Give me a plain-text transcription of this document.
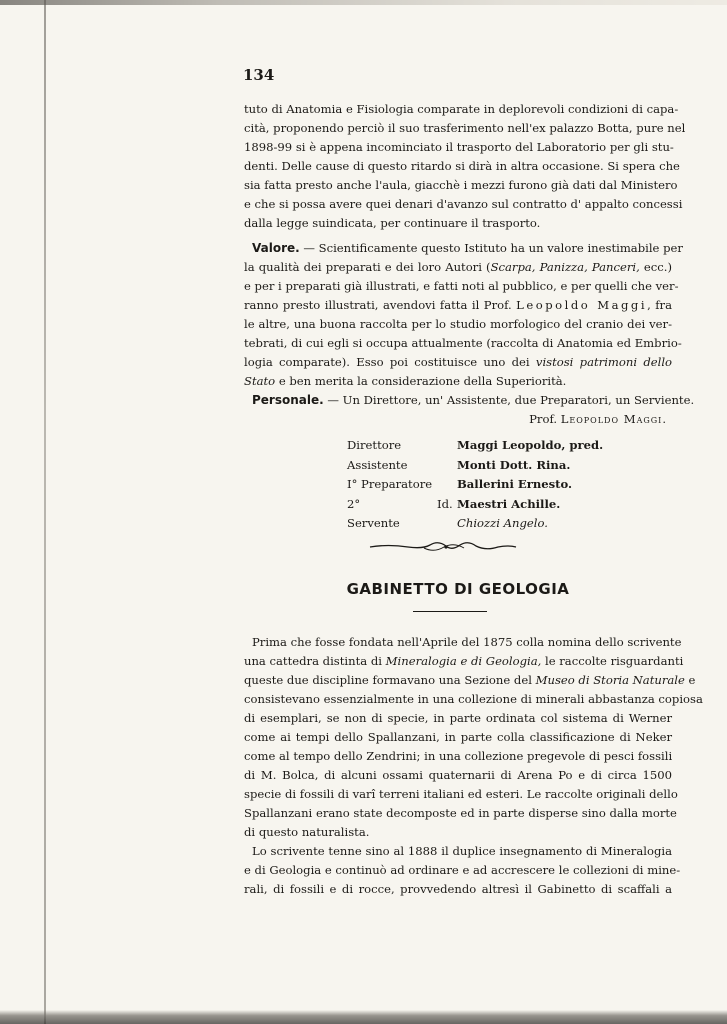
134
tuto di Anatomia e Fisiologia comparate in deplorevoli condizioni di capa-
cità, proponendo perciò il suo trasferimento nell'ex palazzo Botta, pure nel
1898-99 si è appena incominciato il trasporto del Laboratorio per gli stu-
denti. Delle cause di questo ritardo si dirà in altra occasione. Si spera che
sia fatta presto anche l'aula, giacchè i mezzi furono già dati dal Ministero
e che si possa avere quei denari d'avanzo sul contratto d' appalto concessi
dalla legge suindicata, per continuare il trasporto.
Valore. — Scientificamente questo Istituto ha un valore inestimabile per
la qualità dei preparati e dei loro Autori (Scarpa, Panizza, Panceri, ecc.)
e per i preparati già illustrati, e fatti noti al pubblico, e per quelli che ver-
ranno presto illustrati, avendovi fatta il Prof. Leopoldo Maggi, fra
le altre, una buona raccolta per lo studio morfologico del cranio dei ver-
tebrati, di cui egli si occupa attualmente (raccolta di Anatomia ed Embrio-
logia comparate). Esso poi costituisce uno dei vistosi patrimoni dello
Stato e ben merita la considerazione della Superiorità.
Personale. — Un Direttore, un' Assistente, due Preparatori, un Serviente.
Prof. Leopoldo Maggi.
Direttore		Maggi Leopoldo, pred.
Assistente		Monti Dott. Rina.
I° Preparatore		Ballerini Ernesto.
2°	Id.	Maestri Achille.
Servente		Chiozzi Angelo.
GABINETTO DI GEOLOGIA
Prima che fosse fondata nell'Aprile del 1875 colla nomina dello scrivente
una cattedra distinta di Mineralogia e di Geologia, le raccolte risguardanti
queste due discipline formavano una Sezione del Museo di Storia Naturale e
consistevano essenzialmente in una collezione di minerali abbastanza copiosa
di esemplari, se non di specie, in parte ordinata col sistema di Werner
come ai tempi dello Spallanzani, in parte colla classificazione di Neker
come al tempo dello Zendrini; in una collezione pregevole di pesci fossili
di M. Bolca, di alcuni ossami quaternarii di Arena Po e di circa 1500
specie di fossili di varî terreni italiani ed esteri. Le raccolte originali dello
Spallanzani erano state decomposte ed in parte disperse sino dalla morte
di questo naturalista.
Lo scrivente tenne sino al 1888 il duplice insegnamento di Mineralogia
e di Geologia e continuò ad ordinare e ad accrescere le collezioni di mine-
rali, di fossili e di rocce, provvedendo altresì il Gabinetto di scaffali a
